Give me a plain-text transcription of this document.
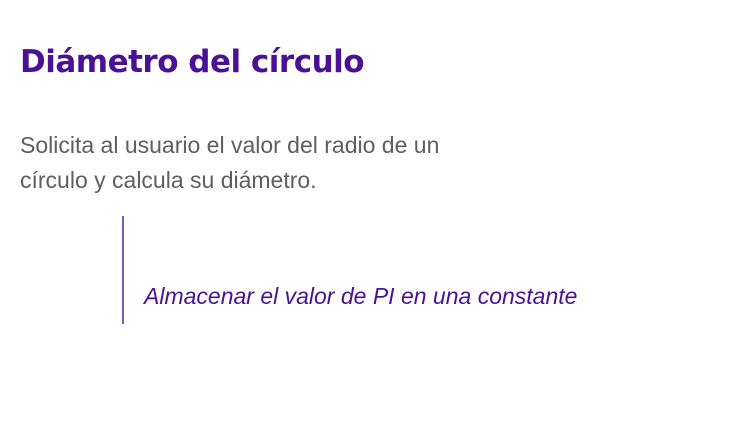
Diámetro del círculo

Solicita al usuario el valor del radio de un
círculo y calcula su diámetro.

Almacenar el valor de PI en una constante
